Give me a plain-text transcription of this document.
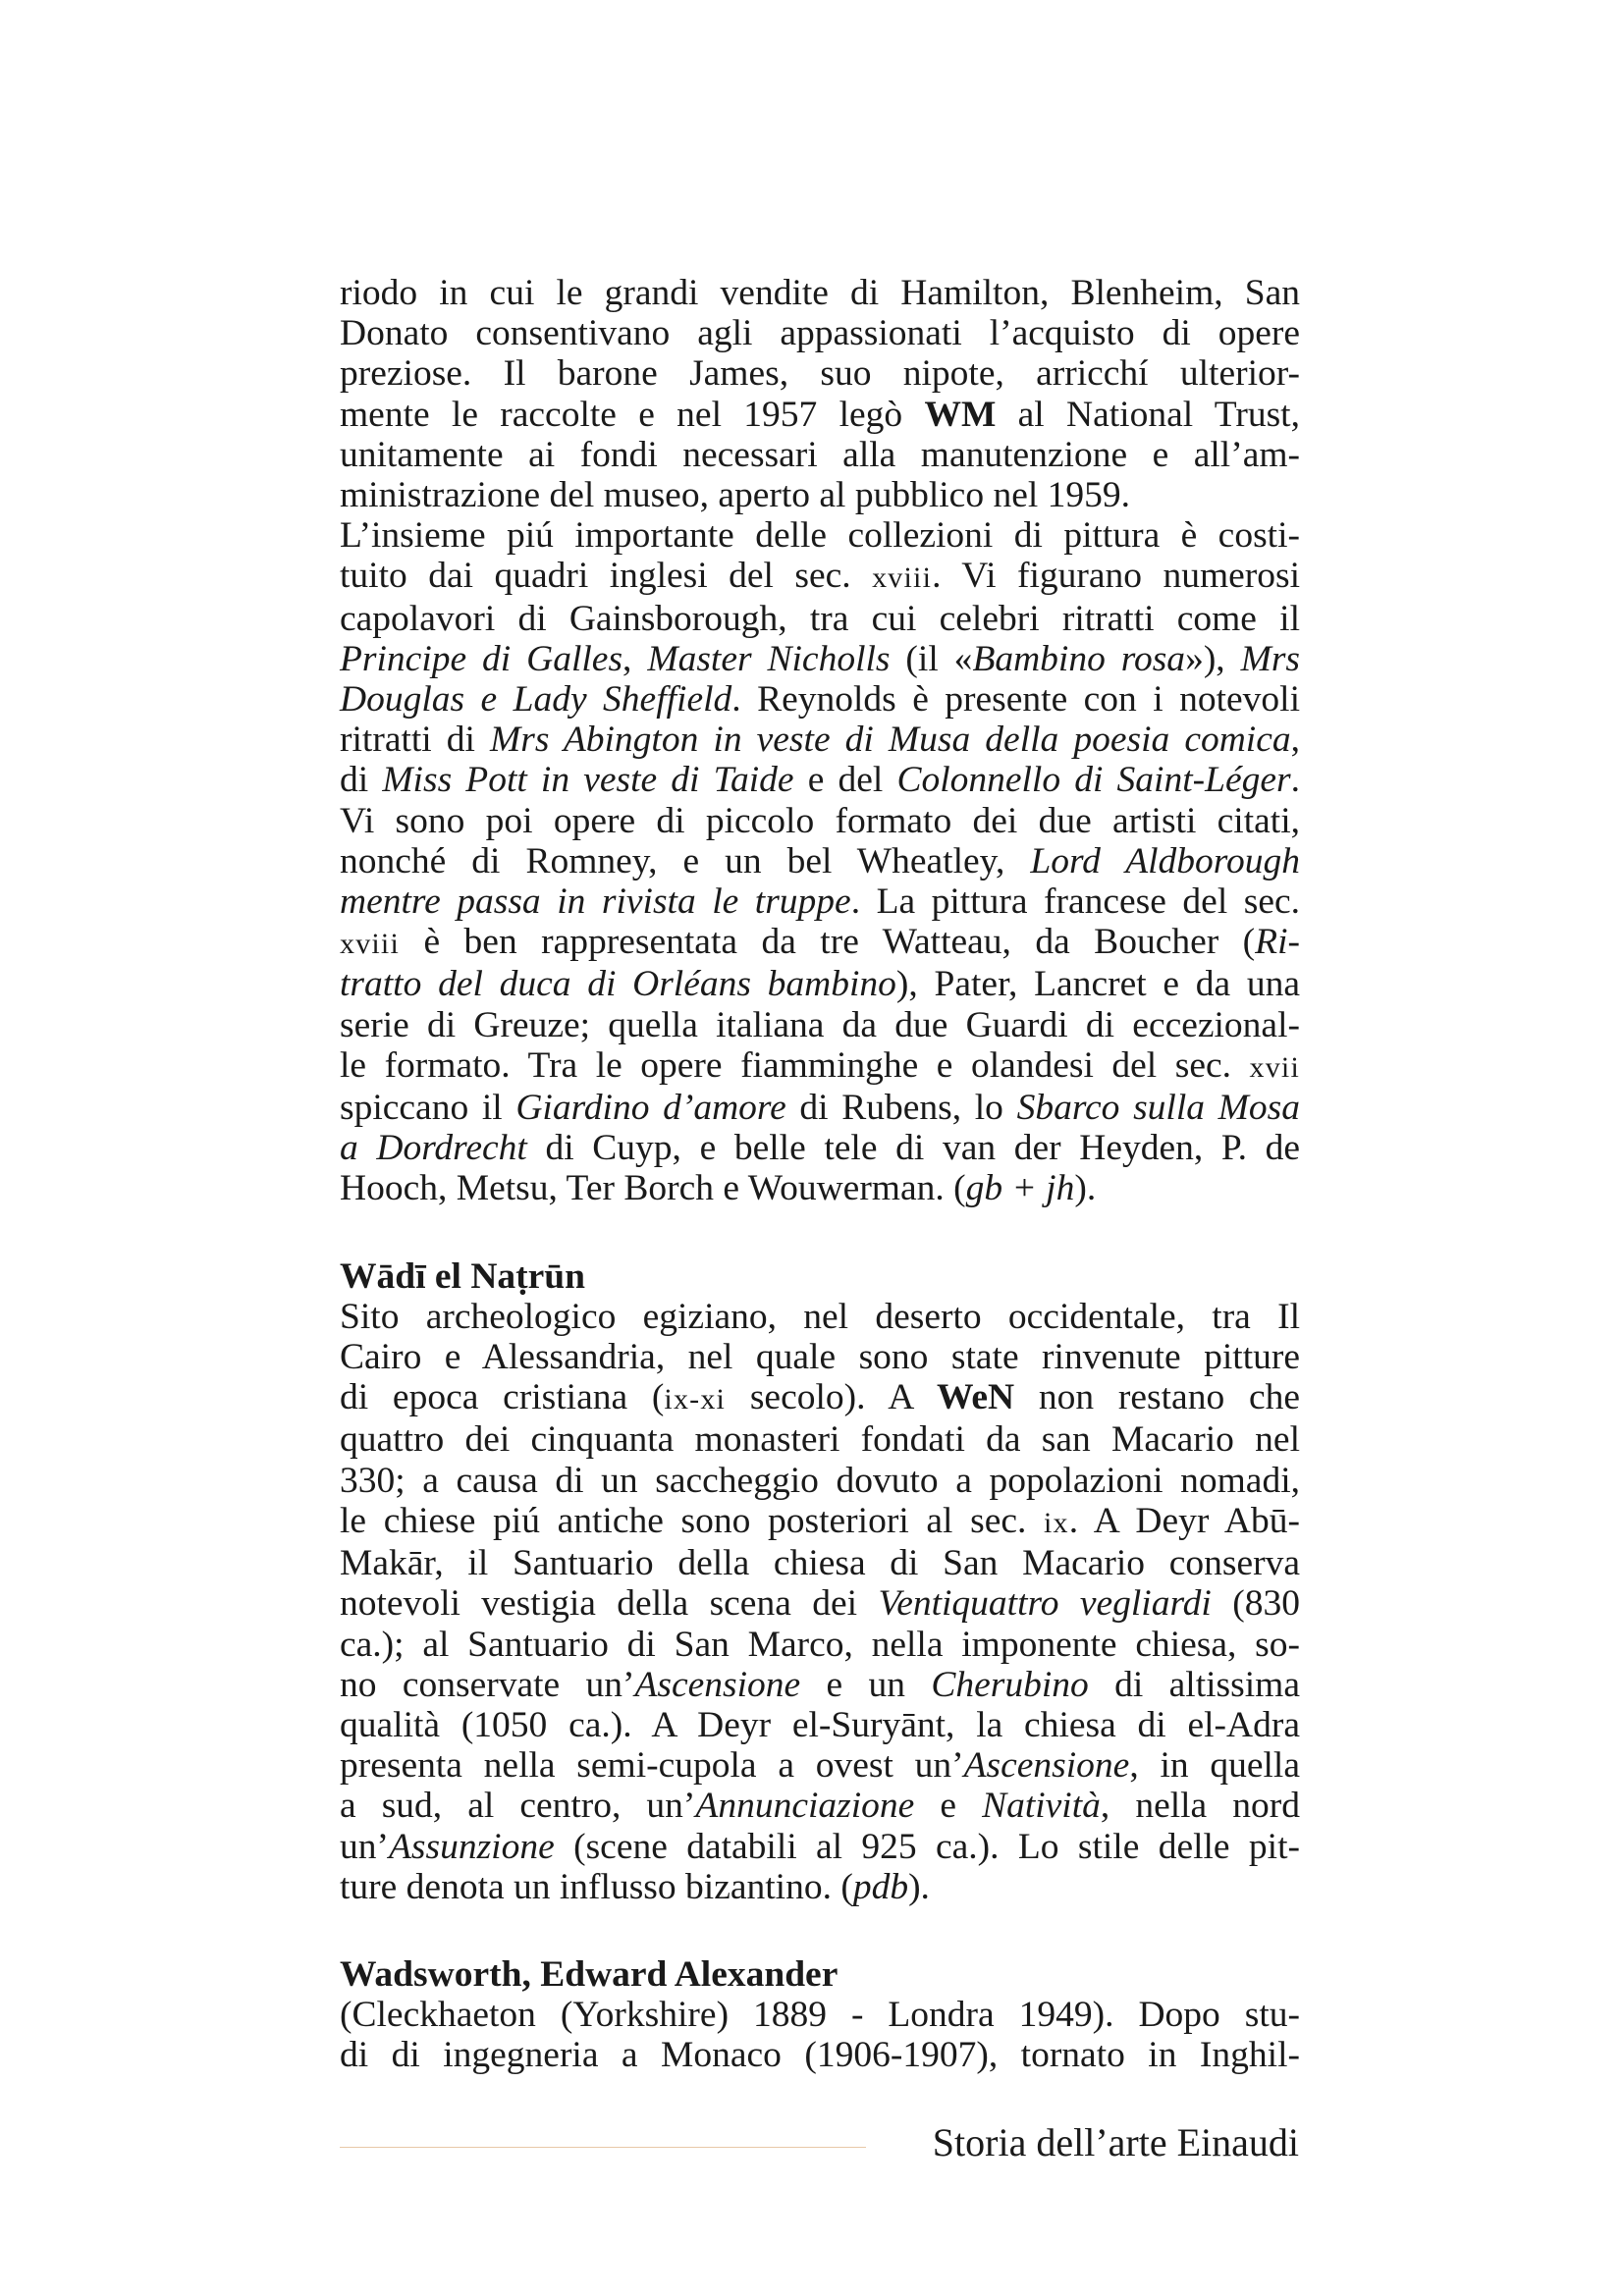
riodo in cui le grandi vendite di Hamilton, Blenheim, San
Donato consentivano agli appassionati l’acquisto di opere
preziose. Il barone James, suo nipote, arricchí ulterior-
mente le raccolte e nel 1957 legò WM al National Trust,
unitamente ai fondi necessari alla manutenzione e all’am-
ministrazione del museo, aperto al pubblico nel 1959.
L’insieme piú importante delle collezioni di pittura è costi-
tuito dai quadri inglesi del sec. xviii. Vi figurano numerosi
capolavori di Gainsborough, tra cui celebri ritratti come il
Principe di Galles, Master Nicholls (il «Bambino rosa»), Mrs
Douglas e Lady Sheffield. Reynolds è presente con i notevoli
ritratti di Mrs Abington in veste di Musa della poesia comica,
di Miss Pott in veste di Taide e del Colonnello di Saint-Léger.
Vi sono poi opere di piccolo formato dei due artisti citati,
nonché di Romney, e un bel Wheatley, Lord Aldborough
mentre passa in rivista le truppe. La pittura francese del sec.
xviii è ben rappresentata da tre Watteau, da Boucher (Ri-
tratto del duca di Orléans bambino), Pater, Lancret e da una
serie di Greuze; quella italiana da due Guardi di eccezional-
le formato. Tra le opere fiamminghe e olandesi del sec. xvii
spiccano il Giardino d’amore di Rubens, lo Sbarco sulla Mosa
a Dordrecht di Cuyp, e belle tele di van der Heyden, P. de
Hooch, Metsu, Ter Borch e Wouwerman. (gb + jh).
Wādī el Naṭrūn
Sito archeologico egiziano, nel deserto occidentale, tra Il
Cairo e Alessandria, nel quale sono state rinvenute pitture
di epoca cristiana (ix-xi secolo). A WeN non restano che
quattro dei cinquanta monasteri fondati da san Macario nel
330; a causa di un saccheggio dovuto a popolazioni nomadi,
le chiese piú antiche sono posteriori al sec. ix. A Deyr Abū-
Makār, il Santuario della chiesa di San Macario conserva
notevoli vestigia della scena dei Ventiquattro vegliardi (830
ca.); al Santuario di San Marco, nella imponente chiesa, so-
no conservate un’Ascensione e un Cherubino di altissima
qualità (1050 ca.). A Deyr el-Suryānt, la chiesa di el-Adra
presenta nella semi-cupola a ovest un’Ascensione, in quella
a sud, al centro, un’Annunciazione e Natività, nella nord
un’Assunzione (scene databili al 925 ca.). Lo stile delle pit-
ture denota un influsso bizantino. (pdb).
Wadsworth, Edward Alexander
(Cleckhaeton (Yorkshire) 1889 - Londra 1949). Dopo stu-
di di ingegneria a Monaco (1906-1907), tornato in Inghil-
Storia dell’arte Einaudi
